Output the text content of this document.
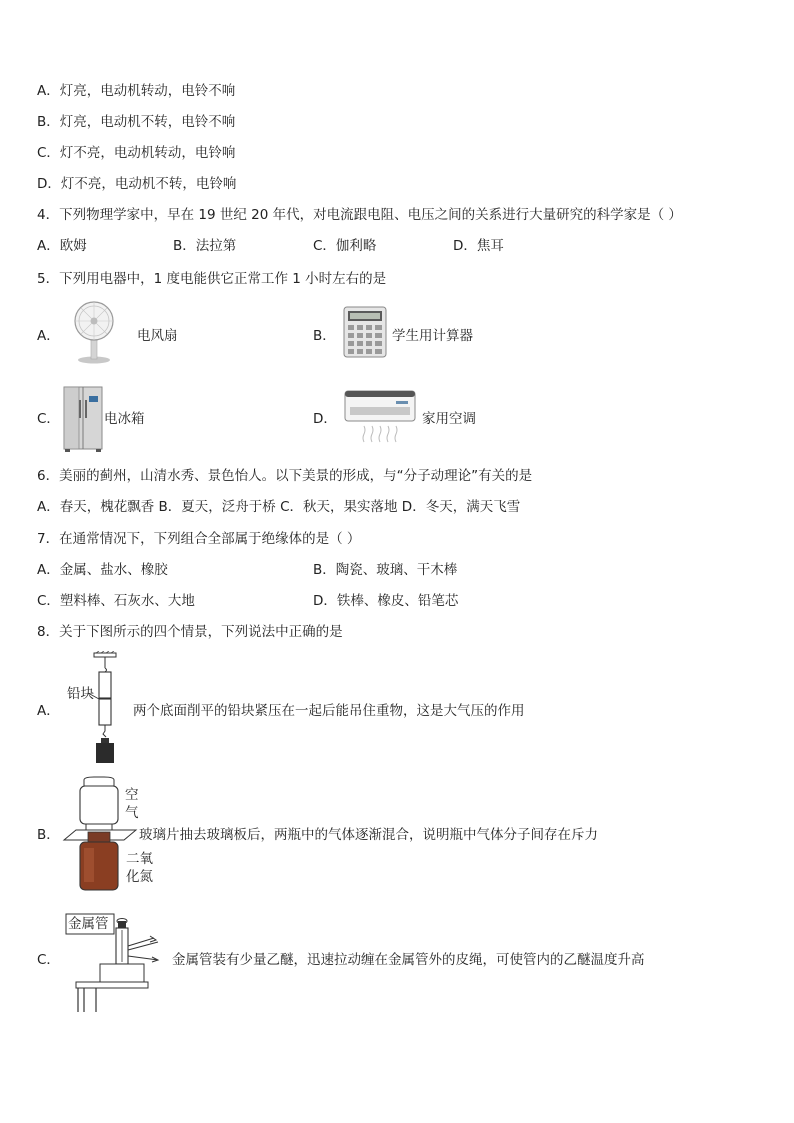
A．灯亮，电动机转动，电铃不响
B．灯亮，电动机不转，电铃不响
C．灯不亮，电动机转动，电铃响
D．灯不亮，电动机不转，电铃响
4．下列物理学家中，早在 19 世纪 20 年代，对电流跟电阻、电压之间的关系进行大量研究的科学家是（ ）
A．欧姆	B．法拉第	C．伽利略	D．焦耳
5．下列用电器中，1 度电能供它正常工作 1 小时左右的是
A．	电风扇	B．	学生用计算器
C．	电冰箱	D．	家用空调
6．美丽的蓟州，山清水秀、景色怡人。以下美景的形成，与“分子动理论”有关的是
A．春天，槐花飘香 B．夏天，泛舟于桥 C．秋天，果实落地 D．冬天，满天飞雪
7．在通常情况下，下列组合全部属于绝缘体的是（ ）
A．金属、盐水、橡胶	B．陶瓷、玻璃、干木棒
C．塑料棒、石灰水、大地	D．铁棒、橡皮、铅笔芯
8．关于下图所示的四个情景，下列说法中正确的是
A．
铅块
两个底面削平的铅块紧压在一起后能吊住重物，这是大气压的作用
B．
空
气
二氧
化氮
玻璃片抽去玻璃板后，两瓶中的气体逐渐混合，说明瓶中气体分子间存在斥力
C．
金属管
金属管装有少量乙醚，迅速拉动缠在金属管外的皮绳，可使管内的乙醚温度升高
